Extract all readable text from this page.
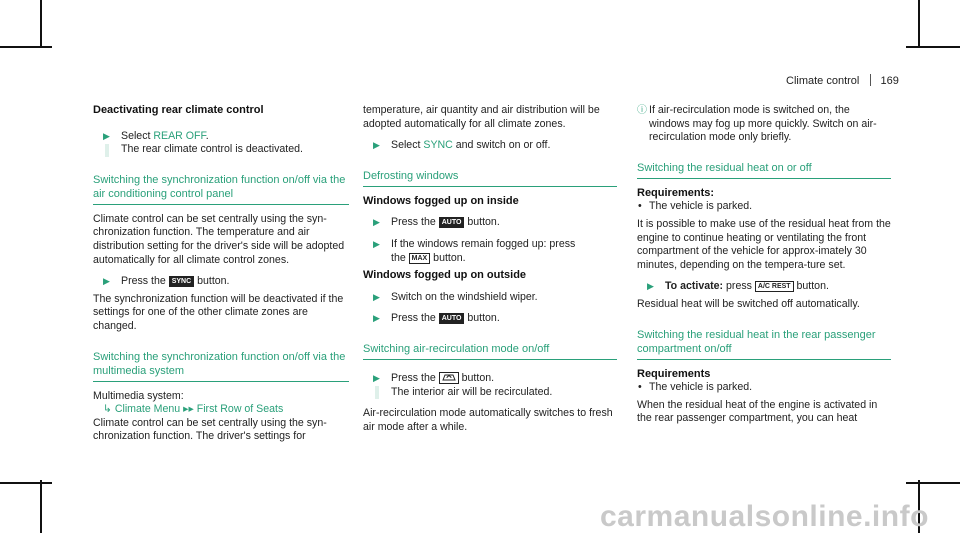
Climate control 169
Deactivating rear climate control
▶ Select REAR OFF.

The rear climate control is deactivated.

Switching the synchronization function on/off via the air conditioning control panel

Climate control can be set centrally using the syn-chronization function. The temperature and air distribution setting for the driver's side will be adopted automatically for all climate control zones.

▶ Press the SYNC button.

The synchronization function will be deactivated if the settings for one of the other climate zones are changed.

Switching the synchronization function on/off via the multimedia system

Multimedia system:

↳ Climate Menu ▸▸ First Row of Seats

Climate control can be set centrally using the syn-chronization function. The driver's settings for

temperature, air quantity and air distribution will be adopted automatically for all climate zones.

▶ Select SYNC and switch on or off.

Defrosting windows
Windows fogged up on inside
▶ Press the AUTO button.

▶ If the windows remain fogged up: press

the MAX button.

Windows fogged up on outside
▶ Switch on the windshield wiper.

▶ Press the AUTO button.

Switching air-recirculation mode on/off
▶ Press the  button.

The interior air will be recirculated.

Air-recirculation mode automatically switches to fresh air mode after a while.

ⓘ If air-recirculation mode is switched on, the windows may fog up more quickly. Switch on air-recirculation mode only briefly.

Switching the residual heat on or off
Requirements:
• The vehicle is parked.

It is possible to make use of the residual heat from the engine to continue heating or ventilating the front compartment of the vehicle for approx-imately 30 minutes, depending on the tempera-ture set.

▶ To activate: press A/C REST button.

Residual heat will be switched off automatically.

Switching the residual heat in the rear passenger compartment on/off
Requirements
• The vehicle is parked.

When the residual heat of the engine is activated in the rear passenger compartment, you can heat

carmanualsonline.info
